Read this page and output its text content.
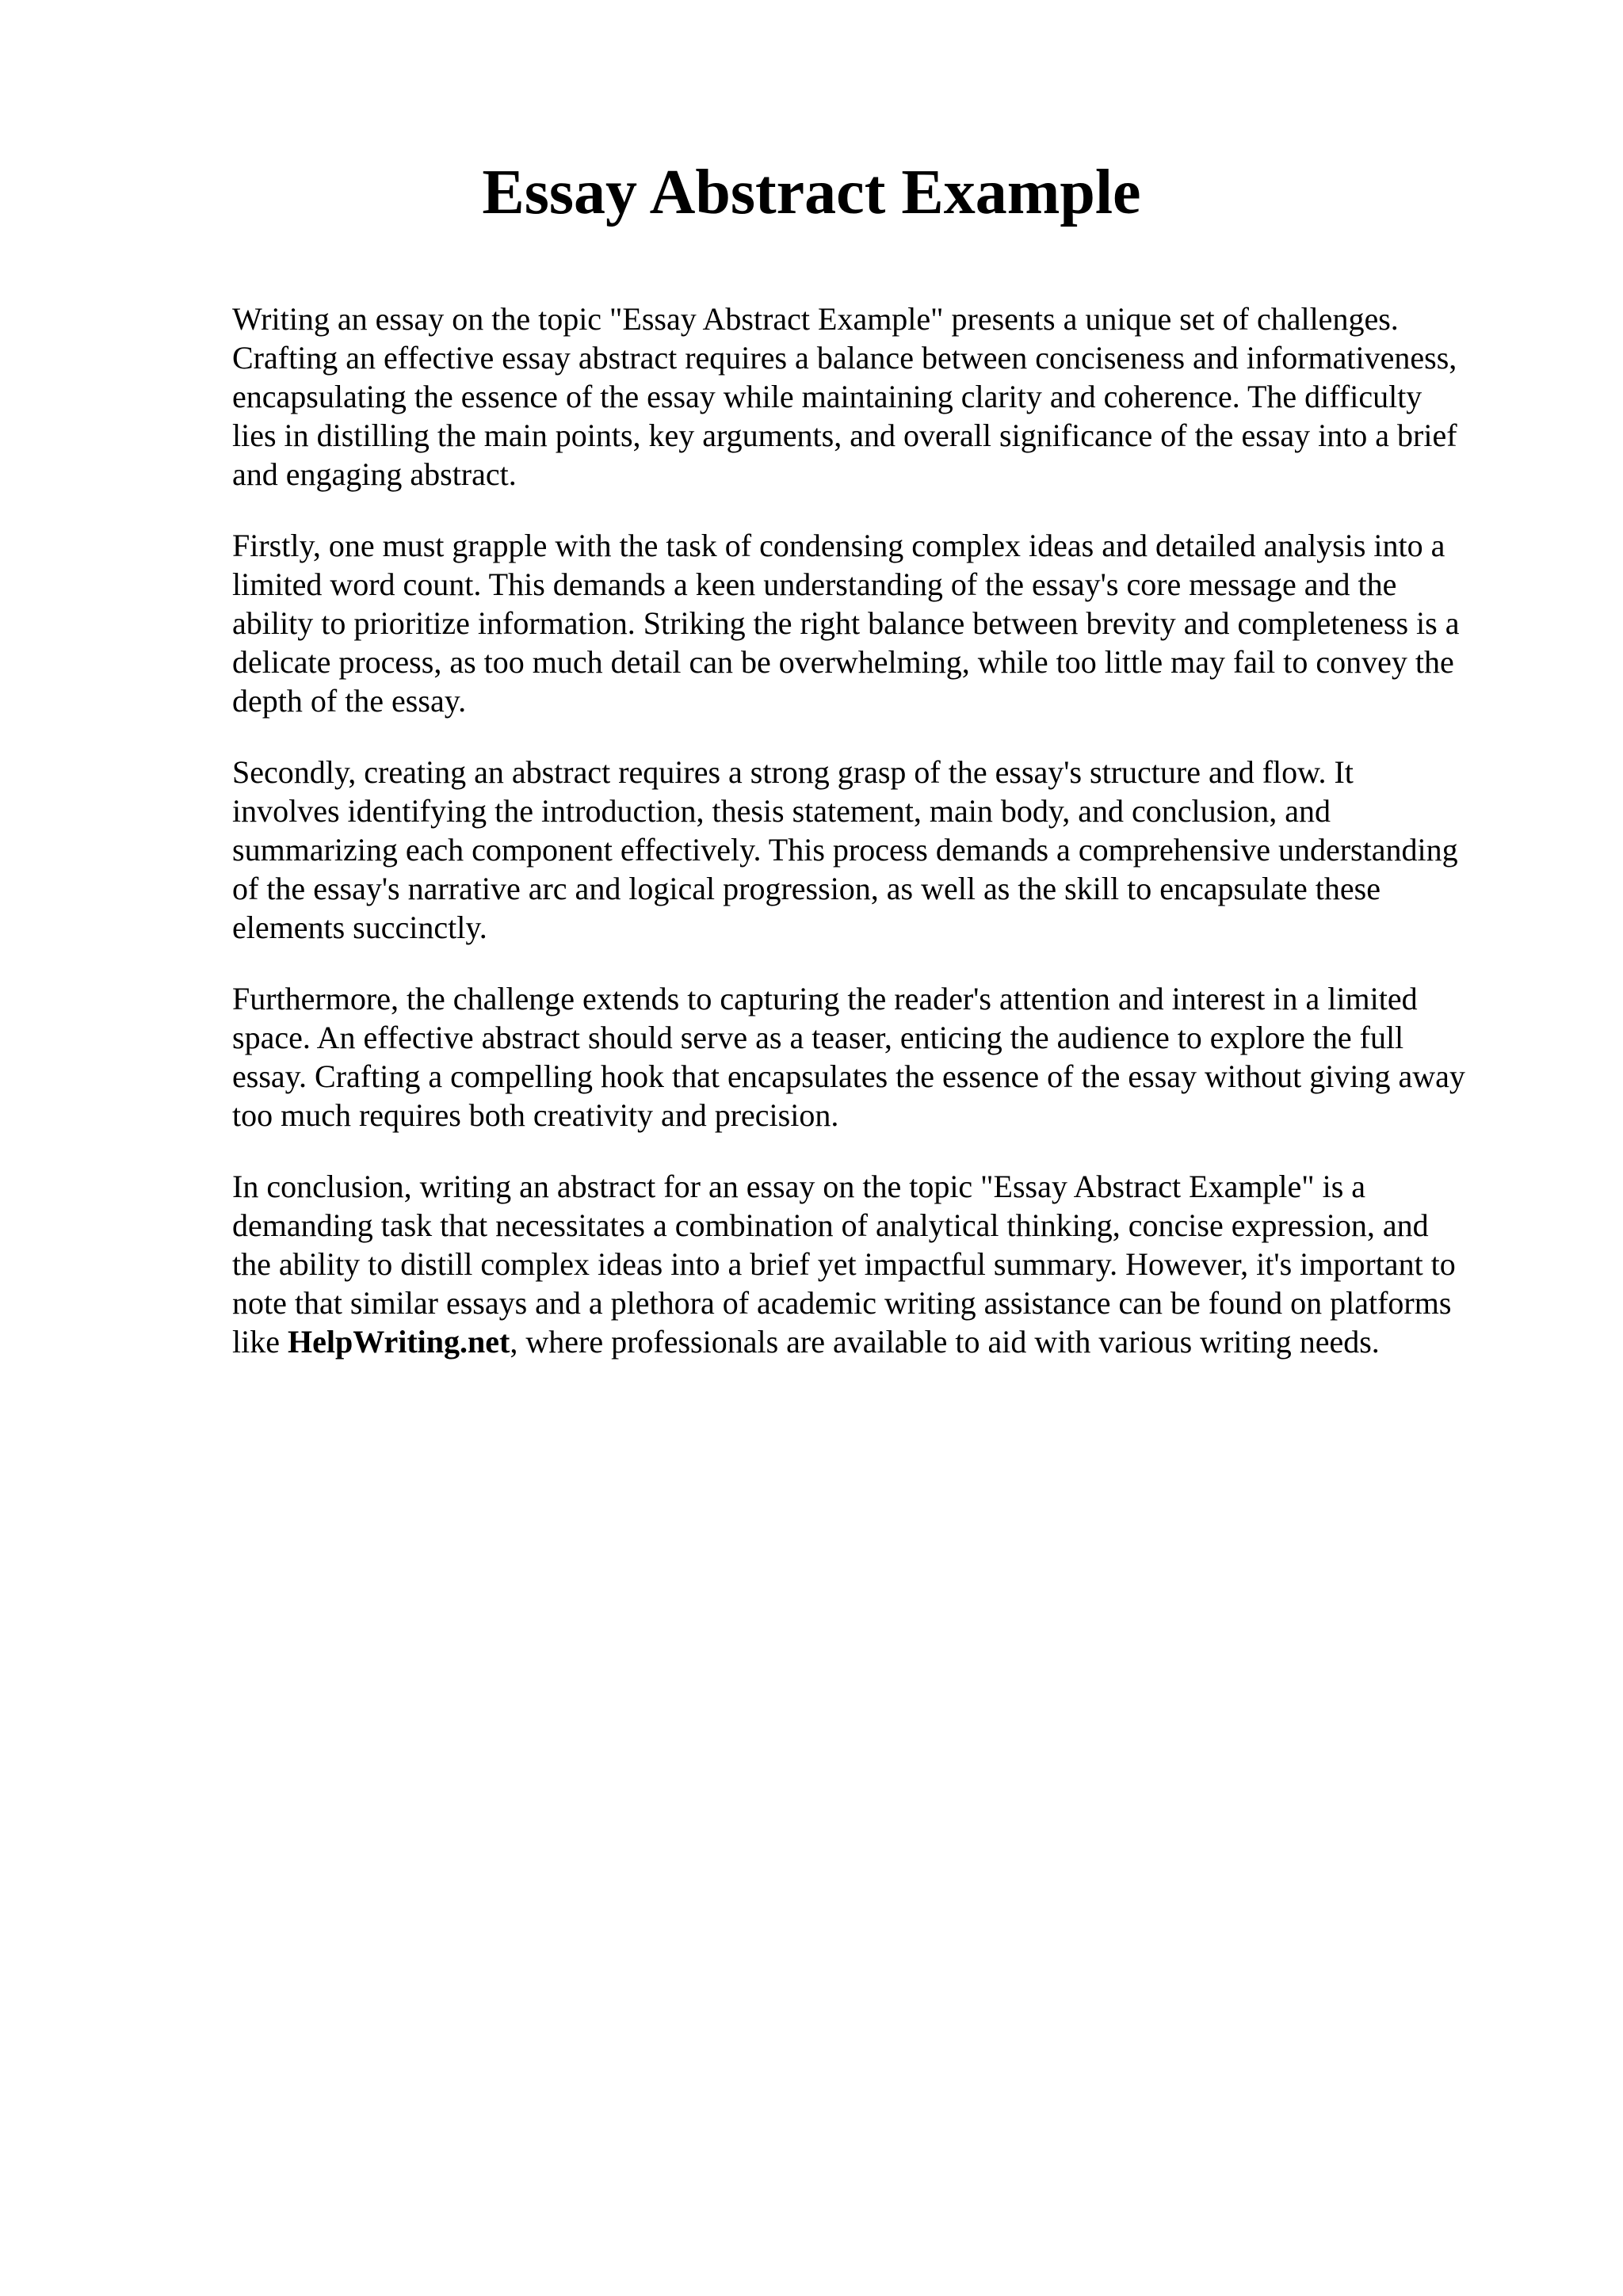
Essay Abstract Example

Writing an essay on the topic "Essay Abstract Example" presents a unique set of challenges.
Crafting an effective essay abstract requires a balance between conciseness and informativeness,
encapsulating the essence of the essay while maintaining clarity and coherence. The difficulty
lies in distilling the main points, key arguments, and overall significance of the essay into a brief
and engaging abstract.

Firstly, one must grapple with the task of condensing complex ideas and detailed analysis into a
limited word count. This demands a keen understanding of the essay's core message and the
ability to prioritize information. Striking the right balance between brevity and completeness is a
delicate process, as too much detail can be overwhelming, while too little may fail to convey the
depth of the essay.

Secondly, creating an abstract requires a strong grasp of the essay's structure and flow. It
involves identifying the introduction, thesis statement, main body, and conclusion, and
summarizing each component effectively. This process demands a comprehensive understanding
of the essay's narrative arc and logical progression, as well as the skill to encapsulate these
elements succinctly.

Furthermore, the challenge extends to capturing the reader's attention and interest in a limited
space. An effective abstract should serve as a teaser, enticing the audience to explore the full
essay. Crafting a compelling hook that encapsulates the essence of the essay without giving away
too much requires both creativity and precision.

In conclusion, writing an abstract for an essay on the topic "Essay Abstract Example" is a
demanding task that necessitates a combination of analytical thinking, concise expression, and
the ability to distill complex ideas into a brief yet impactful summary. However, it's important to
note that similar essays and a plethora of academic writing assistance can be found on platforms
like HelpWriting.net, where professionals are available to aid with various writing needs.
